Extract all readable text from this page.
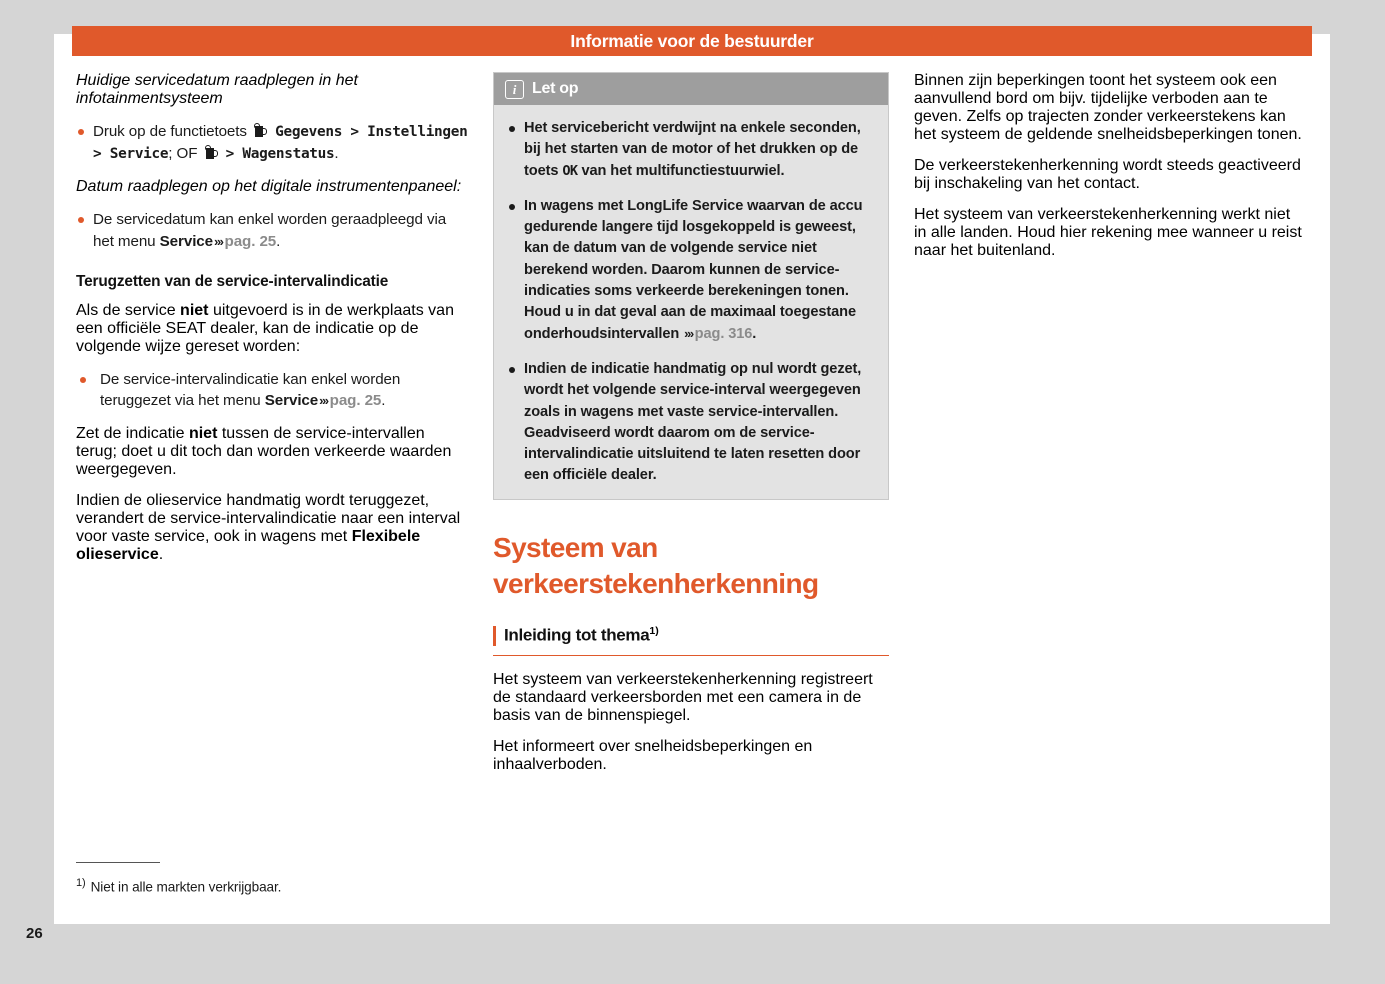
Informatie voor de bestuurder
26
Huidige servicedatum raadplegen in het infotainmentsysteem
Druk op de functietoets Gegevens > Instellingen > Service; OF > Wagenstatus.
Datum raadplegen op het digitale instrumentenpaneel:
De servicedatum kan enkel worden geraadpleegd via het menu Service››› pag. 25.
Terugzetten van de service-intervalindicatie
Als de service niet uitgevoerd is in de werkplaats van een officiële SEAT dealer, kan de indicatie op de volgende wijze gereset worden:
De service-intervalindicatie kan enkel worden teruggezet via het menu Service››› pag. 25.
Zet de indicatie niet tussen de service-intervallen terug; doet u dit toch dan worden verkeerde waarden weergegeven.
Indien de olieservice handmatig wordt teruggezet, verandert de service-intervalindicatie naar een interval voor vaste service, ook in wagens met Flexibele olieservice.
i Let op
Het servicebericht verdwijnt na enkele seconden, bij het starten van de motor of het drukken op de toets OK van het multifunctiestuurwiel.
In wagens met LongLife Service waarvan de accu gedurende langere tijd losgekoppeld is geweest, kan de datum van de volgende service niet berekend worden. Daarom kunnen de service-indicaties soms verkeerde berekeningen tonen. Houd u in dat geval aan de maximaal toegestane onderhoudsintervallen ››› pag. 316.
Indien de indicatie handmatig op nul wordt gezet, wordt het volgende service-interval weergegeven zoals in wagens met vaste service-intervallen. Geadviseerd wordt daarom om de service-intervalindicatie uitsluitend te laten resetten door een officiële dealer.
Systeem van verkeerstekenherkenning
Inleiding tot thema$^{1)}$
Het systeem van verkeerstekenherkenning registreert de standaard verkeersborden met een camera in de basis van de binnenspiegel.
Het informeert over snelheidsbeperkingen en inhaalverboden.
Binnen zijn beperkingen toont het systeem ook een aanvullend bord om bijv. tijdelijke verboden aan te geven. Zelfs op trajecten zonder verkeerstekens kan het systeem de geldende snelheidsbeperkingen tonen.
De verkeerstekenherkenning wordt steeds geactiveerd bij inschakeling van het contact.
Het systeem van verkeerstekenherkenning werkt niet in alle landen. Houd hier rekening mee wanneer u reist naar het buitenland.
$^{1)}$ Niet in alle markten verkrijgbaar.
